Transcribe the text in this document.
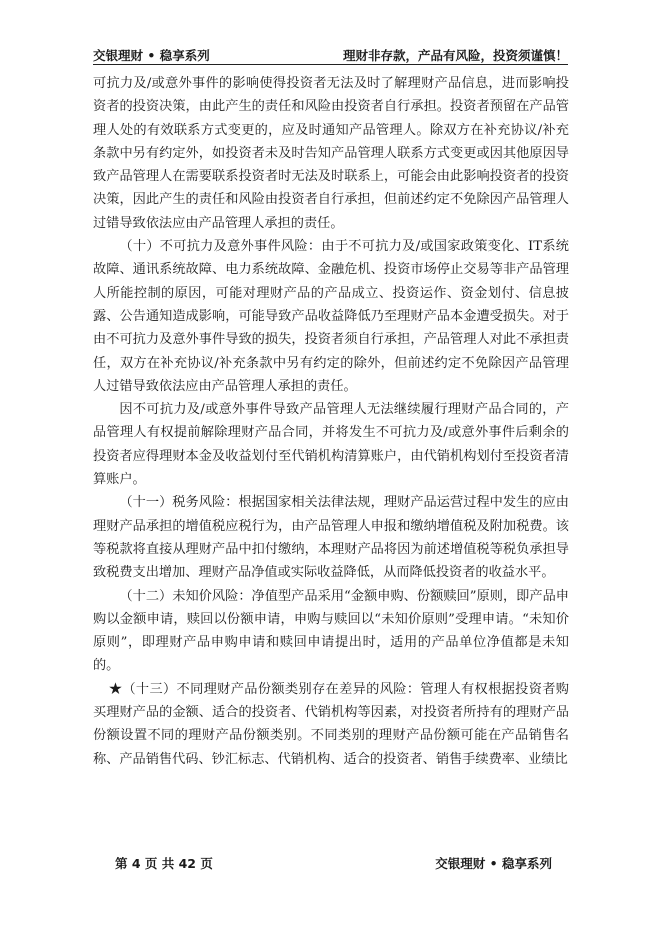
交银理财 • 稳享系列	理财非存款，产品有风险，投资须谨慎！

可抗力及/或意外事件的影响使得投资者无法及时了解理财产品信息，进而影响投资者的投资决策，由此产生的责任和风险由投资者自行承担。投资者预留在产品管理人处的有效联系方式变更的，应及时通知产品管理人。除双方在补充协议/补充条款中另有约定外，如投资者未及时告知产品管理人联系方式变更或因其他原因导致产品管理人在需要联系投资者时无法及时联系上，可能会由此影响投资者的投资决策，因此产生的责任和风险由投资者自行承担，但前述约定不免除因产品管理人过错导致依法应由产品管理人承担的责任。

（十）不可抗力及意外事件风险：由于不可抗力及/或国家政策变化、IT系统故障、通讯系统故障、电力系统故障、金融危机、投资市场停止交易等非产品管理人所能控制的原因，可能对理财产品的产品成立、投资运作、资金划付、信息披露、公告通知造成影响，可能导致产品收益降低乃至理财产品本金遭受损失。对于由不可抗力及意外事件导致的损失，投资者须自行承担，产品管理人对此不承担责任，双方在补充协议/补充条款中另有约定的除外，但前述约定不免除因产品管理人过错导致依法应由产品管理人承担的责任。

因不可抗力及/或意外事件导致产品管理人无法继续履行理财产品合同的，产品管理人有权提前解除理财产品合同，并将发生不可抗力及/或意外事件后剩余的投资者应得理财本金及收益划付至代销机构清算账户，由代销机构划付至投资者清算账户。

（十一）税务风险：根据国家相关法律法规，理财产品运营过程中发生的应由理财产品承担的增值税应税行为，由产品管理人申报和缴纳增值税及附加税费。该等税款将直接从理财产品中扣付缴纳，本理财产品将因为前述增值税等税负承担导致税费支出增加、理财产品净值或实际收益降低，从而降低投资者的收益水平。

（十二）未知价风险：净值型产品采用“金额申购、份额赎回”原则，即产品申购以金额申请，赎回以份额申请，申购与赎回以“未知价原则”受理申请。“未知价原则”，即理财产品申购申请和赎回申请提出时，适用的产品单位净值都是未知的。

★（十三）不同理财产品份额类别存在差异的风险：管理人有权根据投资者购买理财产品的金额、适合的投资者、代销机构等因素，对投资者所持有的理财产品份额设置不同的理财产品份额类别。不同类别的理财产品份额可能在产品销售名称、产品销售代码、钞汇标志、代销机构、适合的投资者、销售手续费率、业绩比

第 4 页 共 42 页	交银理财 • 稳享系列
